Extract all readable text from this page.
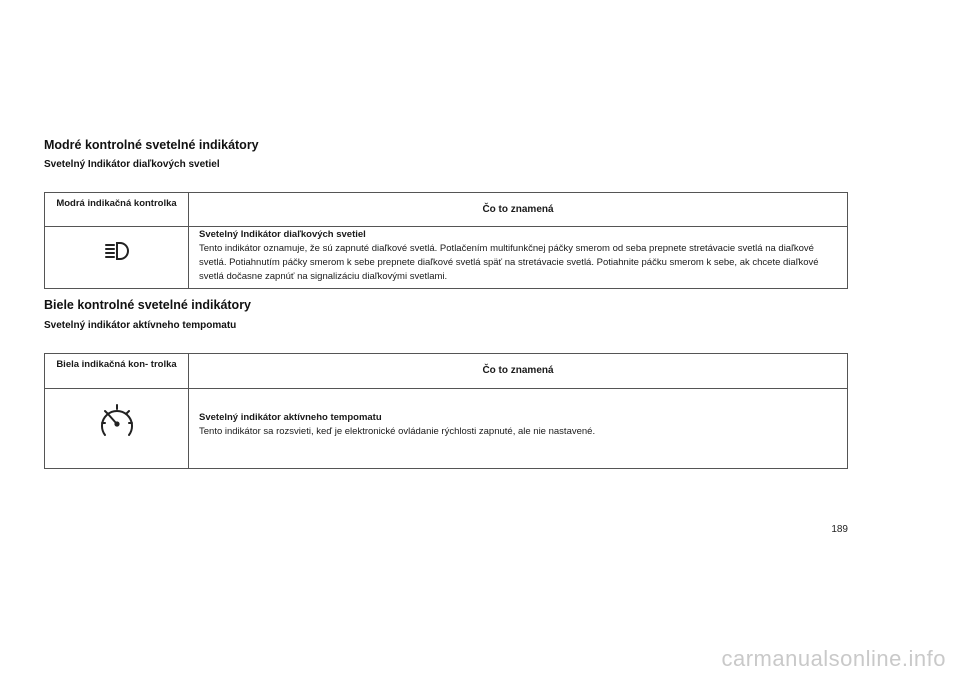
Modré kontrolné svetelné indikátory
Svetelný Indikátor diaľkových svetiel
Modrá indikačná kontrolka	Čo to znamená

Svetelný Indikátor diaľkových svetiel
Tento indikátor oznamuje, že sú zapnuté diaľkové svetlá. Potlačením multifunkčnej páčky smerom od seba prepnete stretávacie svetlá na diaľkové svetlá. Potiahnutím páčky smerom k sebe prepnete diaľkové svetlá späť na stretávacie svetlá. Potiahnite páčku smerom k sebe, ak chcete diaľkové svetlá dočasne zapnúť na signalizáciu diaľkovými svetlami.
Biele kontrolné svetelné indikátory
Svetelný indikátor aktívneho tempomatu
Biela indikačná kon- trolka	Čo to znamená

Svetelný indikátor aktívneho tempomatu
Tento indikátor sa rozsvieti, keď je elektronické ovládanie rýchlosti zapnuté, ale nie nastavené.
189
carmanualsonline.info
